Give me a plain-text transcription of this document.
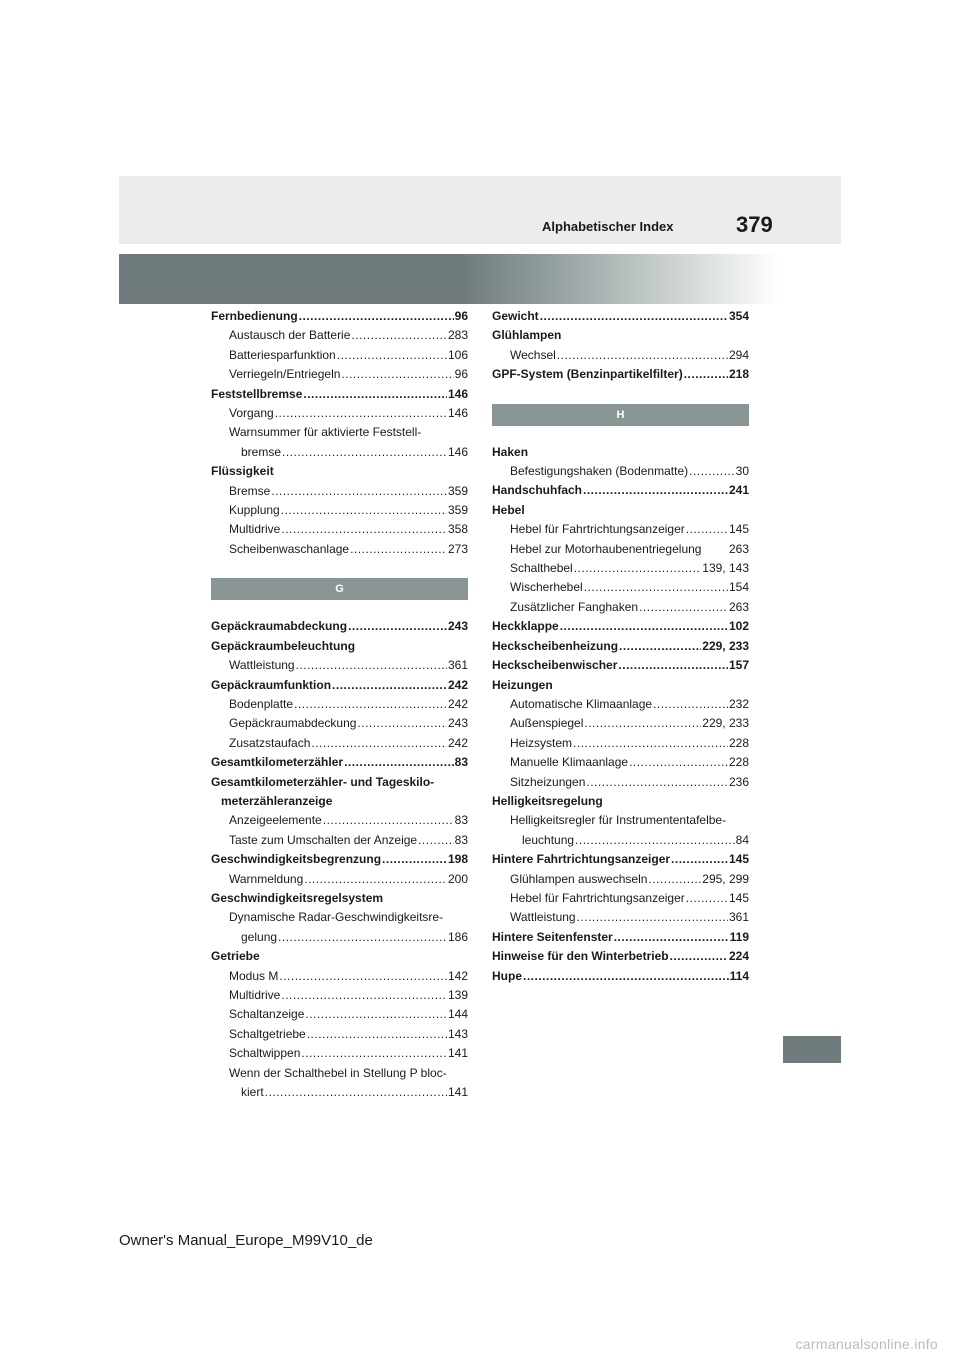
Alphabetischer Index	379
Fernbedienung .....	96
Austausch der Batterie .....	283
Batteriesparfunktion .....	106
Verriegeln/Entriegeln .....	96
Feststellbremse .....	146
Vorgang .....	146
Warnsummer für aktivierte Feststell-
bremse .....	146
Flüssigkeit
Bremse .....	359
Kupplung .....	359
Multidrive .....	358
Scheibenwaschanlage .....	273
G
Gepäckraumabdeckung .....	243
Gepäckraumbeleuchtung
Wattleistung .....	361
Gepäckraumfunktion .....	242
Bodenplatte .....	242
Gepäckraumabdeckung .....	243
Zusatzstaufach .....	242
Gesamtkilometerzähler .....	83
Gesamtkilometerzähler- und Tageskilo-
meterzähleranzeige
Anzeigeelemente .....	83
Taste zum Umschalten der Anzeige .....	83
Geschwindigkeitsbegrenzung .....	198
Warnmeldung .....	200
Geschwindigkeitsregelsystem
Dynamische Radar-Geschwindigkeitsre-
gelung .....	186
Getriebe
Modus M .....	142
Multidrive .....	139
Schaltanzeige .....	144
Schaltgetriebe .....	143
Schaltwippen .....	141
Wenn der Schalthebel in Stellung P bloc-
kiert .....	141
Gewicht .....	354
Glühlampen
Wechsel .....	294
GPF-System (Benzinpartikelfilter) .....	218
H
Haken
Befestigungshaken (Bodenmatte) .....	30
Handschuhfach .....	241
Hebel
Hebel für Fahrtrichtungsanzeiger .....	145
Hebel zur Motorhaubenentriegelung 263
Schalthebel .....	139, 143
Wischerhebel .....	154
Zusätzlicher Fanghaken .....	263
Heckklappe .....	102
Heckscheibenheizung .....	229, 233
Heckscheibenwischer .....	157
Heizungen
Automatische Klimaanlage .....	232
Außenspiegel .....	229, 233
Heizsystem .....	228
Manuelle Klimaanlage .....	228
Sitzheizungen .....	236
Helligkeitsregelung
Helligkeitsregler für Instrumententafelbe-
leuchtung .....	84
Hintere Fahrtrichtungsanzeiger .....	145
Glühlampen auswechseln .....	295, 299
Hebel für Fahrtrichtungsanzeiger .....	145
Wattleistung .....	361
Hintere Seitenfenster .....	119
Hinweise für den Winterbetrieb .....	224
Hupe .....	114
Owner's Manual_Europe_M99V10_de
carmanualsonline.info
